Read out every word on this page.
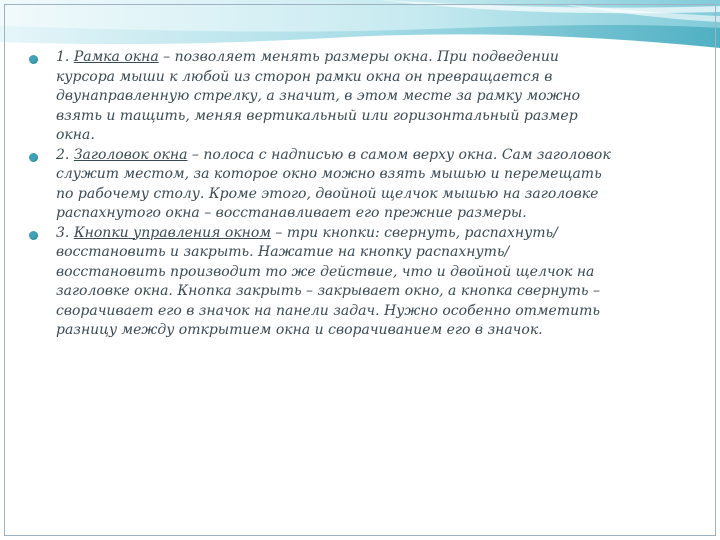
1. Рамка окна – позволяет менять размеры окна. При подведении курсора мыши к любой из сторон рамки окна он превращается в двунаправленную стрелку, а значит, в этом месте за рамку можно взять и тащить, меняя вертикальный или горизонтальный размер окна.
2. Заголовок окна – полоса с надписью в самом верху окна. Сам заголовок служит местом, за которое окно можно взять мышью и перемещать по рабочему столу. Кроме этого, двойной щелчок мышью на заголовке распахнутого окна – восстанавливает его прежние размеры.
3. Кнопки управления окном – три кнопки: свернуть, распахнуть/восстановить и закрыть. Нажатие на кнопку распахнуть/восстановить производит то же действие, что и двойной щелчок на заголовке окна. Кнопка закрыть – закрывает окно, а кнопка свернуть – сворачивает его в значок на панели задач. Нужно особенно отметить разницу между открытием окна и сворачиванием его в значок.
